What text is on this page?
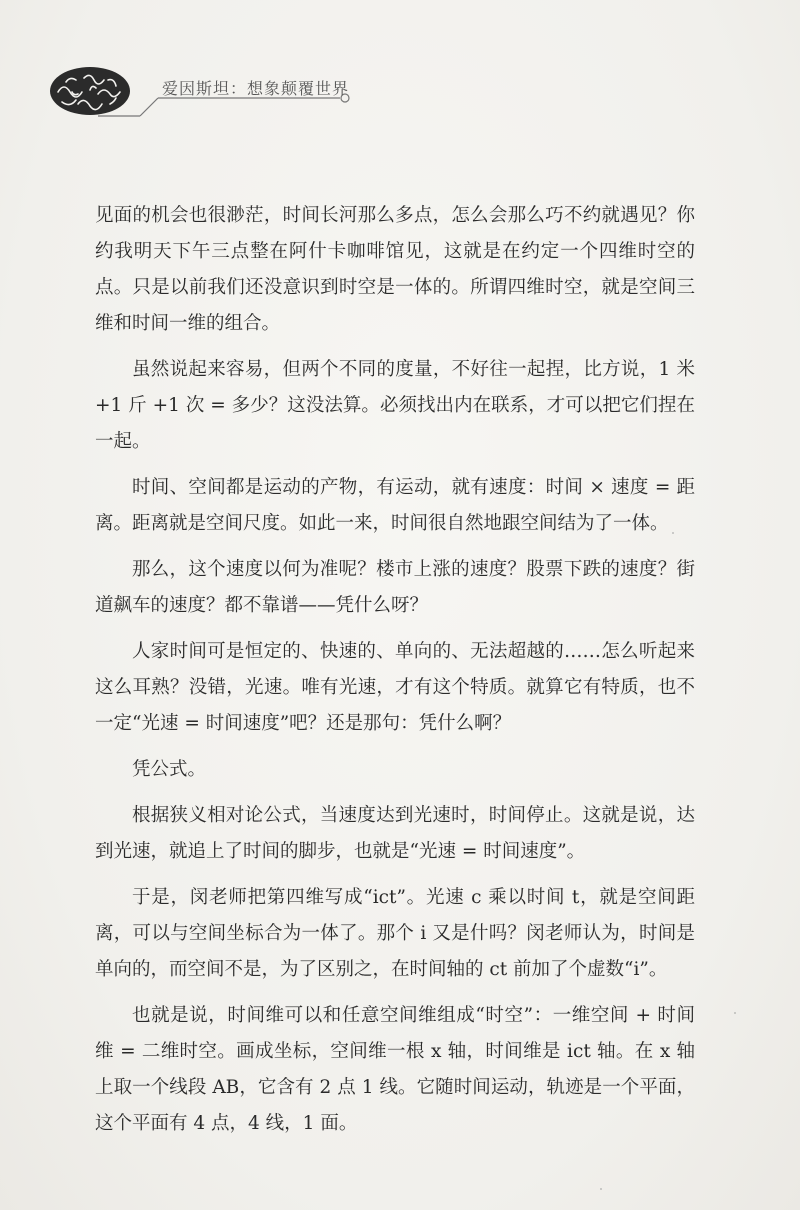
爱因斯坦：想象颠覆世界

见面的机会也很渺茫，时间长河那么多点，怎么会那么巧不约就遇见？你约我明天下午三点整在阿什卡咖啡馆见，这就是在约定一个四维时空的点。只是以前我们还没意识到时空是一体的。所谓四维时空，就是空间三维和时间一维的组合。

虽然说起来容易，但两个不同的度量，不好往一起捏，比方说，1 米 +1 斤 +1 次 = 多少？这没法算。必须找出内在联系，才可以把它们捏在一起。

时间、空间都是运动的产物，有运动，就有速度：时间 × 速度 = 距离。距离就是空间尺度。如此一来，时间很自然地跟空间结为了一体。

那么，这个速度以何为准呢？楼市上涨的速度？股票下跌的速度？街道飙车的速度？都不靠谱——凭什么呀？

人家时间可是恒定的、快速的、单向的、无法超越的……怎么听起来这么耳熟？没错，光速。唯有光速，才有这个特质。就算它有特质，也不一定“光速 = 时间速度”吧？还是那句：凭什么啊？

凭公式。

根据狭义相对论公式，当速度达到光速时，时间停止。这就是说，达到光速，就追上了时间的脚步，也就是“光速 = 时间速度”。

于是，闵老师把第四维写成“ict”。光速 c 乘以时间 t，就是空间距离，可以与空间坐标合为一体了。那个 i 又是什吗？闵老师认为，时间是单向的，而空间不是，为了区别之，在时间轴的 ct 前加了个虚数“i”。

也就是说，时间维可以和任意空间维组成“时空”：一维空间 + 时间维 = 二维时空。画成坐标，空间维一根 x 轴，时间维是 ict 轴。在 x 轴上取一个线段 AB，它含有 2 点 1 线。它随时间运动，轨迹是一个平面，这个平面有 4 点，4 线，1 面。
